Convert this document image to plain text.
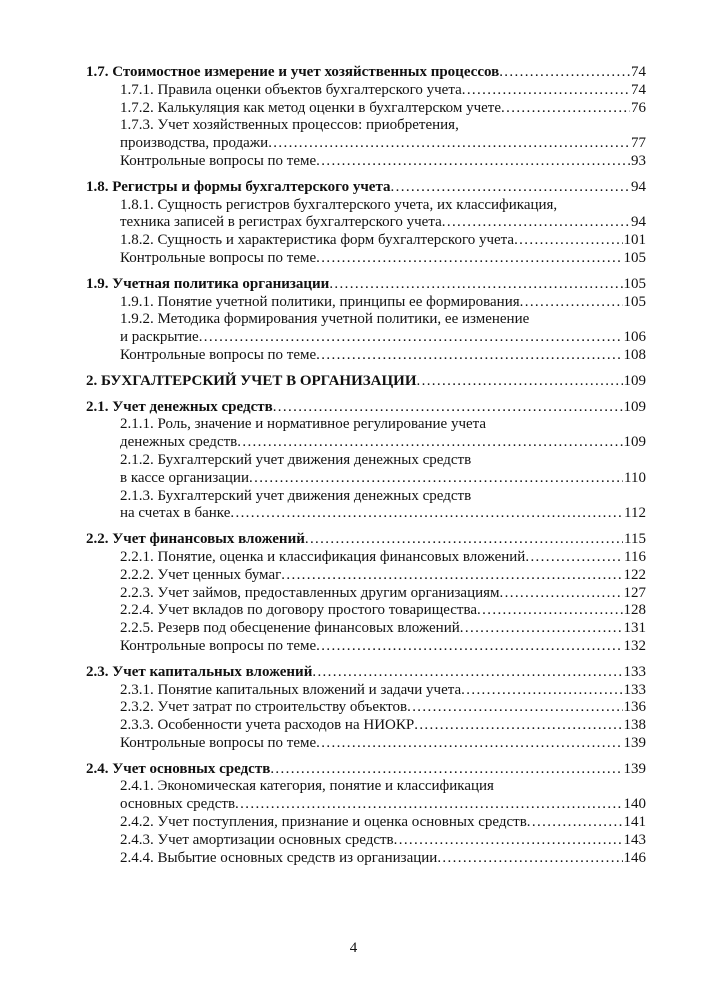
1.7. Стоимостное измерение и учет хозяйственных процессов . . .	74
1.7.1. Правила оценки объектов бухгалтерского учета . . .	74
1.7.2. Калькуляция как метод оценки в бухгалтерском учете . . .	76
1.7.3. Учет хозяйственных процессов: приобретения,
производства, продажи . . .	77
Контрольные вопросы по теме . . .	93
1.8. Регистры и формы бухгалтерского учета . . .	94
1.8.1. Сущность регистров бухгалтерского учета, их классификация,
техника записей в регистрах бухгалтерского учета . . .	94
1.8.2. Сущность и характеристика форм бухгалтерского учета . . .	101
Контрольные вопросы по теме . . .	105
1.9. Учетная политика организации . . .	105
1.9.1. Понятие учетной политики, принципы ее формирования . . .	105
1.9.2. Методика формирования учетной политики, ее изменение
и раскрытие . . .	106
Контрольные вопросы по теме . . .	108
2. БУХГАЛТЕРСКИЙ УЧЕТ В ОРГАНИЗАЦИИ . . .	109
2.1. Учет денежных средств . . .	109
2.1.1. Роль, значение и нормативное регулирование учета
денежных средств . . .	109
2.1.2. Бухгалтерский учет движения денежных средств
в кассе организации . . .	110
2.1.3. Бухгалтерский учет движения денежных средств
на счетах в банке . . .	112
2.2. Учет финансовых вложений . . .	115
2.2.1. Понятие, оценка и классификация финансовых вложений . . .	116
2.2.2. Учет ценных бумаг . . .	122
2.2.3. Учет займов, предоставленных другим организациям . . .	127
2.2.4. Учет вкладов по договору простого товарищества . . .	128
2.2.5. Резерв под обесценение финансовых вложений . . .	131
Контрольные вопросы по теме . . .	132
2.3. Учет капитальных вложений . . .	133
2.3.1. Понятие капитальных вложений и задачи учета . . .	133
2.3.2. Учет затрат по строительству объектов . . .	136
2.3.3. Особенности учета расходов на НИОКР . . .	138
Контрольные вопросы по теме . . .	139
2.4. Учет основных средств . . .	139
2.4.1. Экономическая категория, понятие и классификация
основных средств . . .	140
2.4.2. Учет поступления, признание и оценка основных средств . . .	141
2.4.3. Учет амортизации основных средств . . .	143
2.4.4. Выбытие основных средств из организации . . .	146
4
